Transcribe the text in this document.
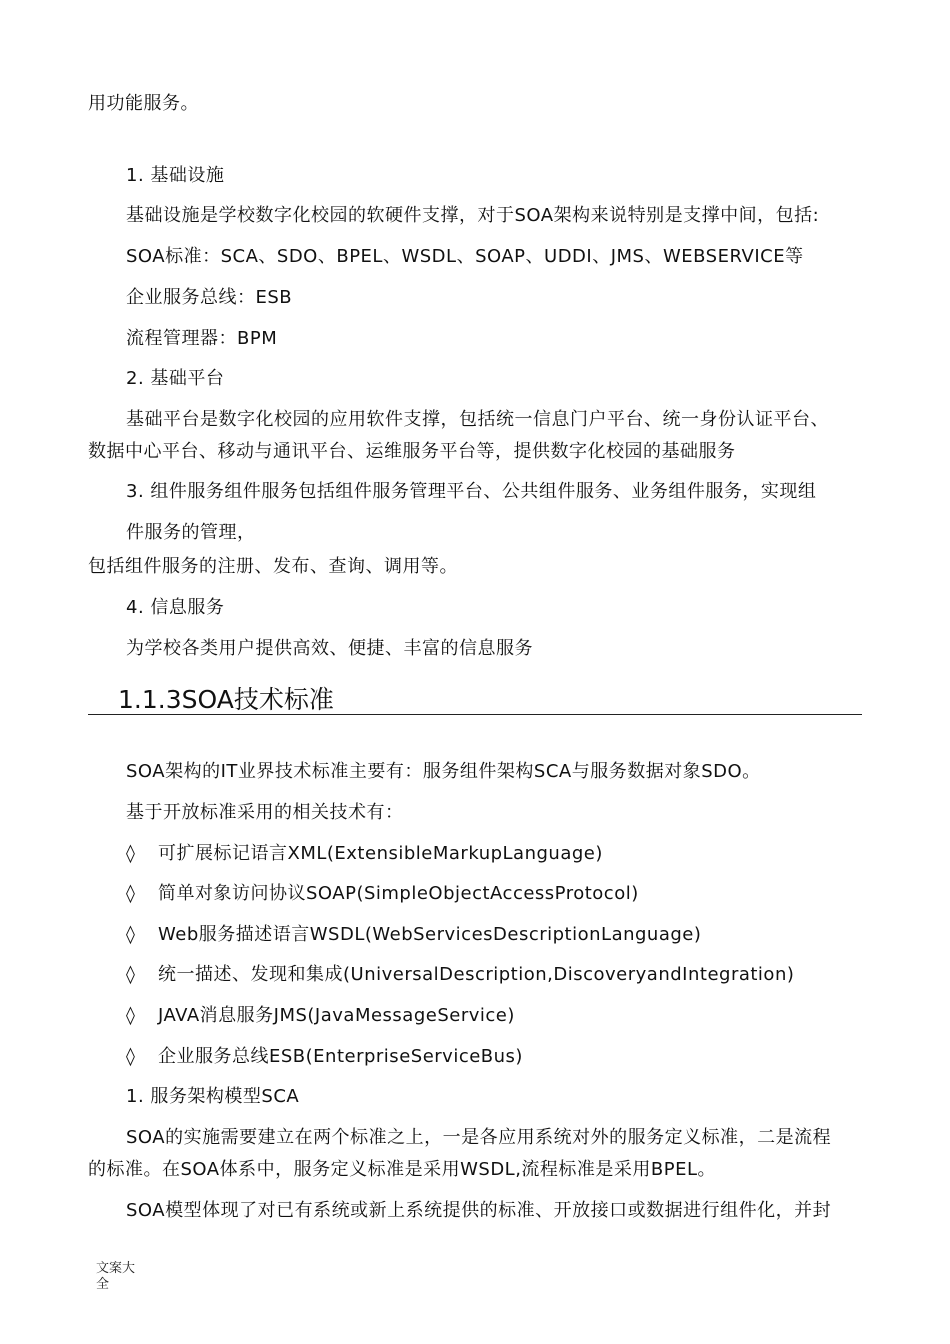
用功能服务。
1. 基础设施
基础设施是学校数字化校园的软硬件支撑，对于SOA架构来说特别是支撑中间，包括:
SOA标准：SCA、SDO、BPEL、WSDL、SOAP、UDDI、JMS、WEBSERVICE等
企业服务总线：ESB
流程管理器：BPM
2. 基础平台
基础平台是数字化校园的应用软件支撑，包括统一信息门户平台、统一身份认证平台、
数据中心平台、移动与通讯平台、运维服务平台等，提供数字化校园的基础服务
3. 组件服务组件服务包括组件服务管理平台、公共组件服务、业务组件服务，实现组
件服务的管理，
包括组件服务的注册、发布、查询、调用等。
4. 信息服务
为学校各类用户提供高效、便捷、丰富的信息服务
1.1.3SOA技术标准
SOA架构的IT业界技术标准主要有：服务组件架构SCA与服务数据对象SDO。
基于开放标准采用的相关技术有：
◊ 可扩展标记语言XML(ExtensibleMarkupLanguage)
◊ 简单对象访问协议SOAP(SimpleObjectAccessProtocol)
◊ Web服务描述语言WSDL(WebServicesDescriptionLanguage)
◊ 统一描述、发现和集成(UniversalDescription,DiscoveryandIntegration)
◊ JAVA消息服务JMS(JavaMessageService)
◊ 企业服务总线ESB(EnterpriseServiceBus)
1. 服务架构模型SCA
SOA的实施需要建立在两个标准之上，一是各应用系统对外的服务定义标准，二是流程
的标准。在SOA体系中，服务定义标准是采用WSDL,流程标准是采用BPEL。
SOA模型体现了对已有系统或新上系统提供的标准、开放接口或数据进行组件化，并封
文案大全
